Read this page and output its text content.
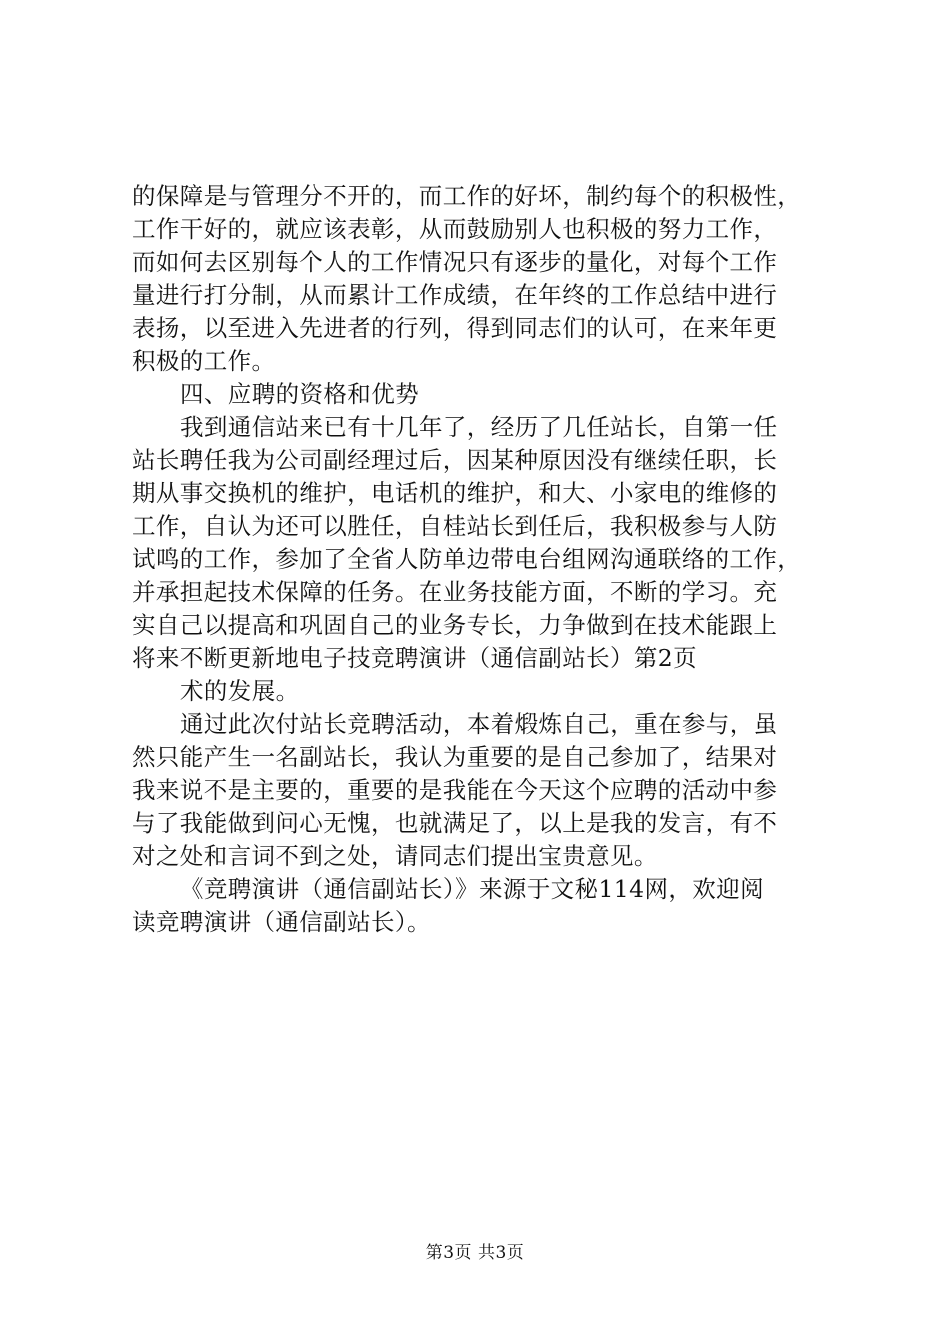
的保障是与管理分不开的，而工作的好坏，制约每个的积极性，
工作干好的，就应该表彰，从而鼓励别人也积极的努力工作，
而如何去区别每个人的工作情况只有逐步的量化，对每个工作
量进行打分制，从而累计工作成绩，在年终的工作总结中进行
表扬，以至进入先进者的行列，得到同志们的认可，在来年更
积极的工作。
四、应聘的资格和优势
我到通信站来已有十几年了，经历了几任站长，自第一任
站长聘任我为公司副经理过后，因某种原因没有继续任职，长
期从事交换机的维护，电话机的维护，和大、小家电的维修的
工作，自认为还可以胜任，自桂站长到任后，我积极参与人防
试鸣的工作，参加了全省人防单边带电台组网沟通联络的工作，
并承担起技术保障的任务。在业务技能方面，不断的学习。充
实自己以提高和巩固自己的业务专长，力争做到在技术能跟上
将来不断更新地电子技竞聘演讲（通信副站长）第2页
术的发展。
通过此次付站长竞聘活动，本着煅炼自己，重在参与，虽
然只能产生一名副站长，我认为重要的是自己参加了，结果对
我来说不是主要的，重要的是我能在今天这个应聘的活动中参
与了我能做到问心无愧，也就满足了，以上是我的发言，有不
对之处和言词不到之处，请同志们提出宝贵意见。
《竞聘演讲（通信副站长）》来源于文秘114网，欢迎阅
读竞聘演讲（通信副站长）。
第3页 共3页
